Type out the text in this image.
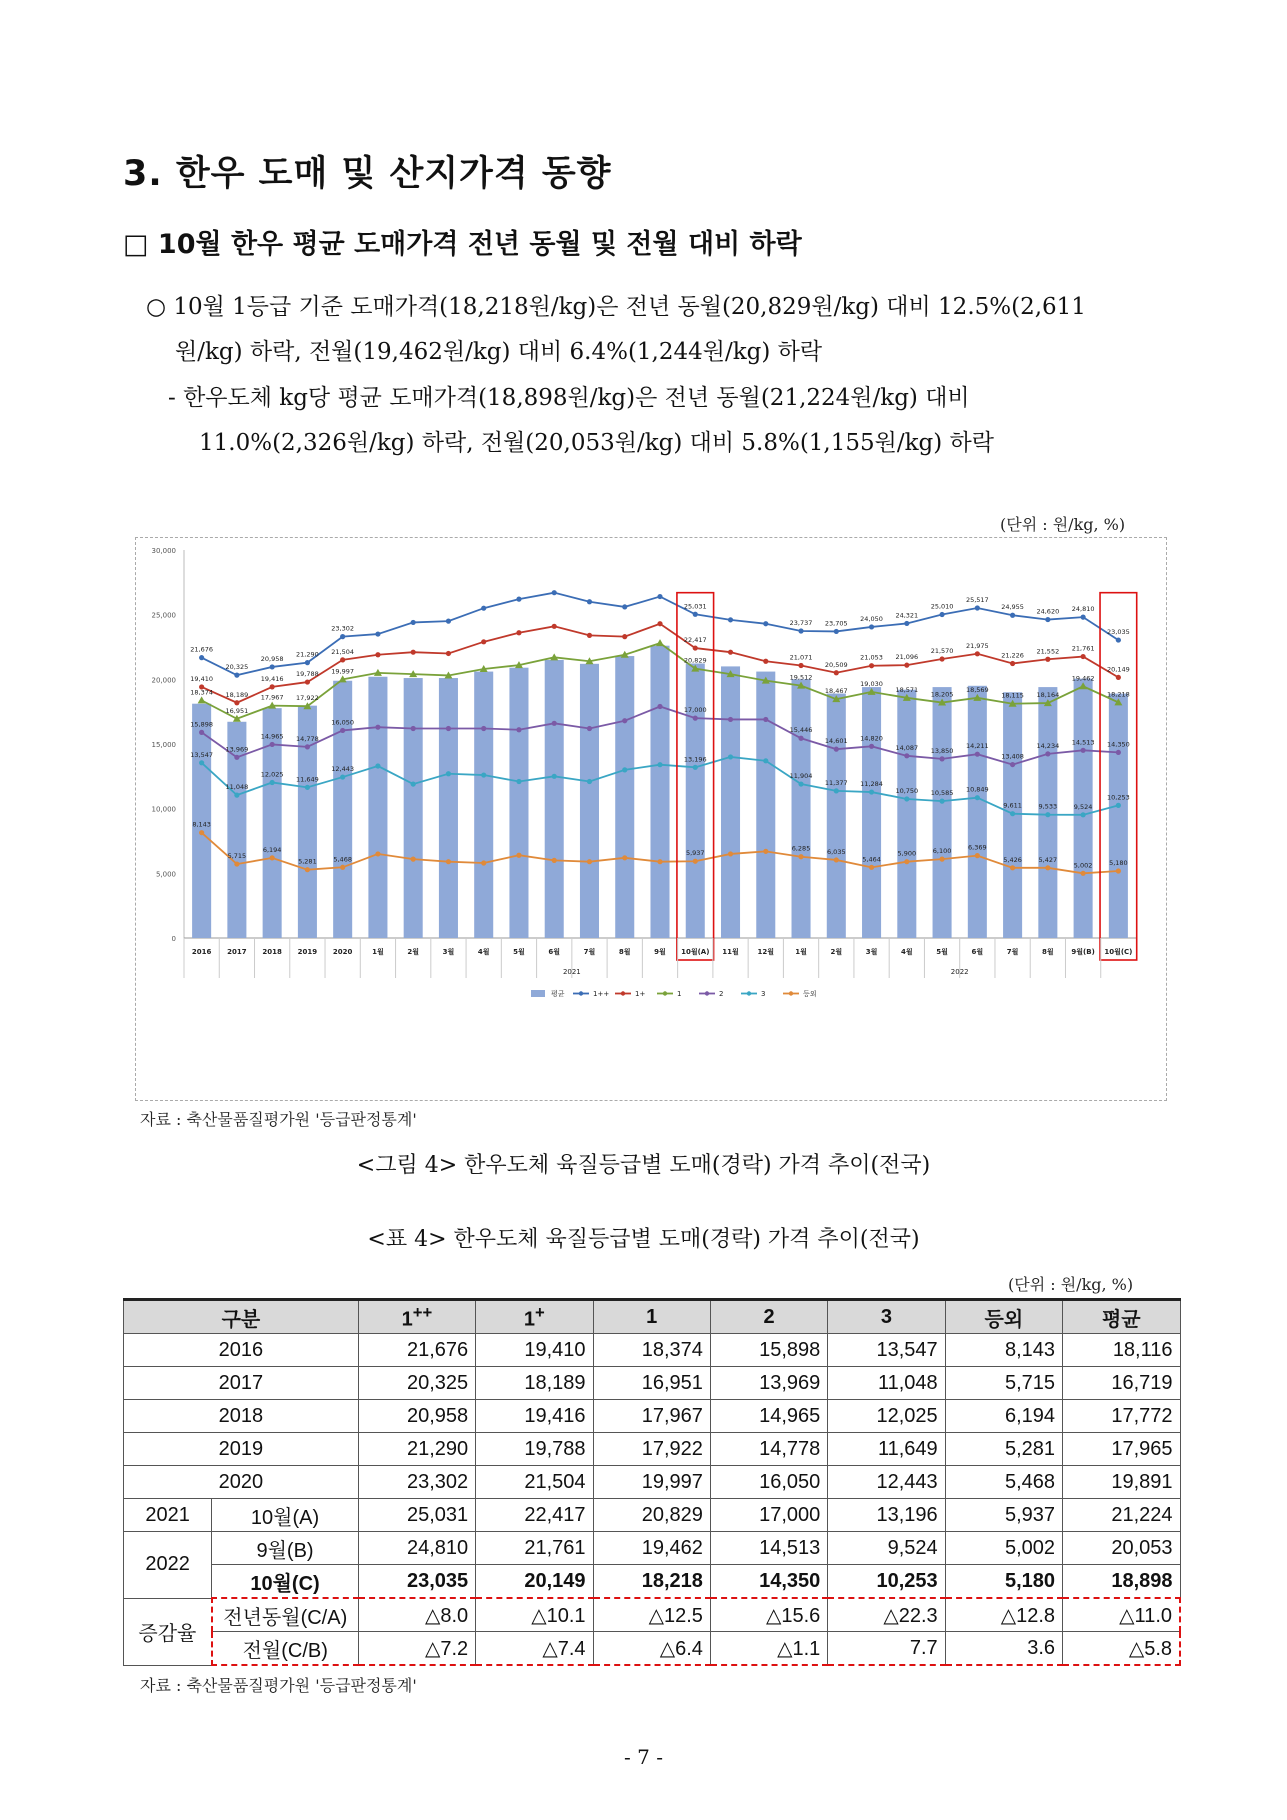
3. 한우 도매 및 산지가격 동향
□ 10월 한우 평균 도매가격 전년 동월 및 전월 대비 하락
○ 10월 1등급 기준 도매가격(18,218원/kg)은 전년 동월(20,829원/kg) 대비 12.5%(2,611
원/kg) 하락, 전월(19,462원/kg) 대비 6.4%(1,244원/kg) 하락
- 한우도체 kg당 평균 도매가격(18,898원/kg)은 전년 동월(21,224원/kg) 대비
11.0%(2,326원/kg) 하락, 전월(20,053원/kg) 대비 5.8%(1,155원/kg) 하락
(단위 : 원/kg, %)
0
5,000
10,000
15,000
20,000
25,000
30,000
21,676
20,325
20,958
21,290
23,302
25,031
23,737 23,705
24,050 24,321
25,010
25,517
24,955
24,620 24,810
23,035
19,410
18,189
19,416
19,788
21,504
22,417
21,071
20,509
21,053 21,096
21,570
21,975
21,226
21,552 21,761
20,149
18,374
16,951
17,967 17,922
19,997
20,829
19,512
18,467
19,030
18,571
18,205
18,569
18,115 18,164
19,462
18,218
15,898
13,969
14,965 14,778
16,050
17,000
15,446
14,601 14,820
14,087 13,850
14,211
13,408
14,234 14,513 14,350
13,547
11,048
12,025
11,649
12,443
13,196
11,904
11,377 11,284
10,750 10,585 10,849
9,611	9,533	9,524
10,253
8,143
5,715
6,194
5,281	5,468
5,937
6,285	6,035
5,464
5,900	6,100	6,369
5,426	5,427
5,002	5,180
2016 2017 2018 2019 2020	1월	2월	3월	4월	5월	6월	7월	8월	9월 10월(A) 11월	12월	1월	2월	3월	4월	5월	6월	7월	8월	9월(B) 10월(C)
2021	2022
평균	1++	1+	1	2	3	등외
자료 : 축산물품질평가원 '등급판정통계'
<그림 4> 한우도체 육질등급별 도매(경락) 가격 추이(전국)
<표 4> 한우도체 육질등급별 도매(경락) 가격 추이(전국)
(단위 : 원/kg, %)
구분		1++	1+	1	2	3	등외	평균
2016		21,676	19,410	18,374	15,898	13,547	8,143	18,116
2017		20,325	18,189	16,951	13,969	11,048	5,715	16,719
2018		20,958	19,416	17,967	14,965	12,025	6,194	17,772
2019		21,290	19,788	17,922	14,778	11,649	5,281	17,965
2020		23,302	21,504	19,997	16,050	12,443	5,468	19,891
2021	10월(A)	25,031	22,417	20,829	17,000	13,196	5,937	21,224
2022	9월(B)	24,810	21,761	19,462	14,513	9,524	5,002	20,053
	10월(C)	23,035	20,149	18,218	14,350	10,253	5,180	18,898
증감율	전년동월(C/A)	△8.0	△10.1	△12.5	△15.6	△22.3	△12.8	△11.0
	전월(C/B)	△7.2	△7.4	△6.4	△1.1	7.7	3.6	△5.8
자료 : 축산물품질평가원 '등급판정통계'
- 7 -
